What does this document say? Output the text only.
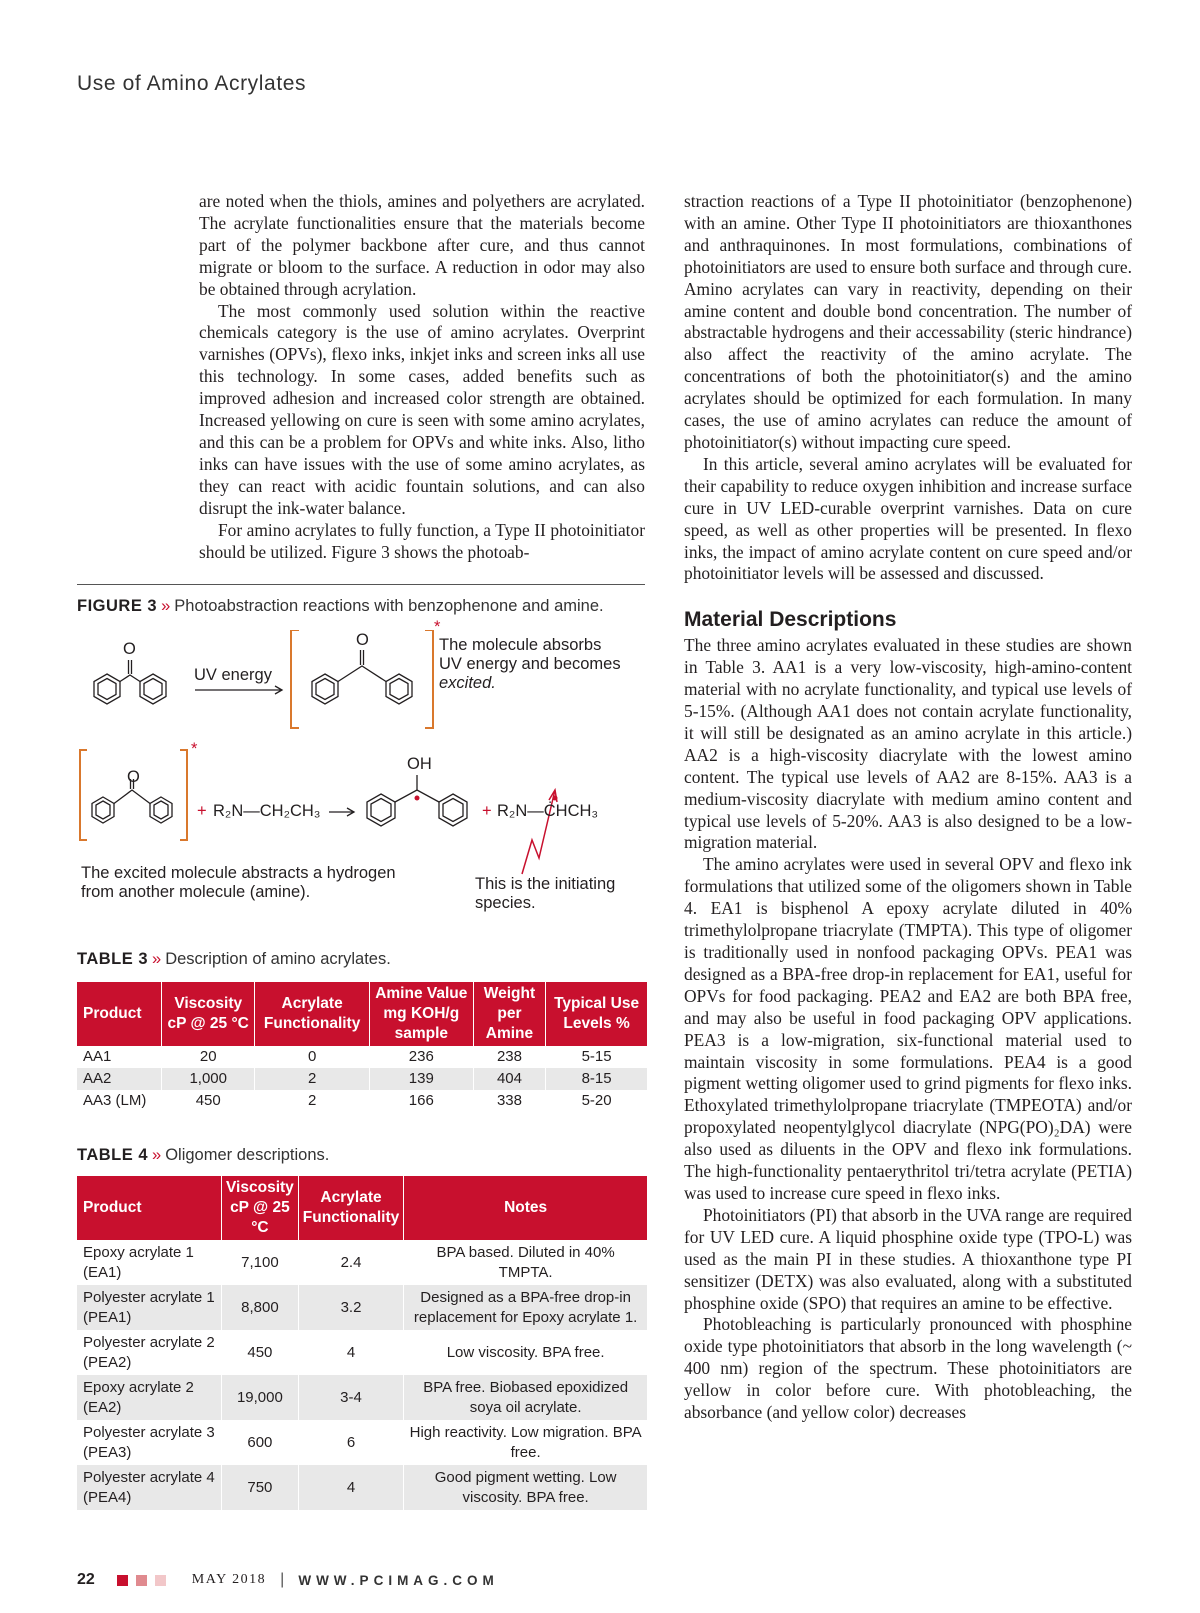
Use of Amino Acrylates

are noted when the thiols, amines and polyethers are acrylated. The acrylate functionalities ensure that the materials become part of the polymer backbone after cure, and thus cannot migrate or bloom to the surface. A reduction in odor may also be obtained through acrylation.

The most commonly used solution within the reactive chemicals category is the use of amino acrylates. Overprint varnishes (OPVs), flexo inks, inkjet inks and screen inks all use this technology. In some cases, added benefits such as improved adhesion and increased color strength are obtained. Increased yellowing on cure is seen with some amino acrylates, and this can be a problem for OPVs and white inks. Also, litho inks can have issues with the use of some amino acrylates, as they can react with acidic fountain solutions, and can also disrupt the ink-water balance.

For amino acrylates to fully function, a Type II photoinitiator should be utilized. Figure 3 shows the photoab-

FIGURE 3 » Photoabstraction reactions with benzophenone and amine.
O	O
O
UV energy
*
*
The molecule absorbs
UV energy and becomes
excited.
+ R₂N—CH₂CH₃
OH
+ R₂N—ĊHCH₃
The excited molecule abstracts a hydrogen
from another molecule (amine).	This is the initiating
species.
TABLE 3 » Description of amino acrylates.
Product	Viscosity cP @ 25 °C	Acrylate Functionality	Amine Value mg KOH/g sample	Weight per Amine	Typical Use Levels %
AA1	20	0	236	238	5-15
AA2	1,000	2	139	404	8-15
AA3 (LM)	450	2	166	338	5-20
TABLE 4 » Oligomer descriptions.
Product	Viscosity cP @ 25 °C	Acrylate Functionality	Notes
Epoxy acrylate 1 (EA1)	7,100	2.4	BPA based. Diluted in 40% TMPTA.
Polyester acrylate 1 (PEA1)	8,800	3.2	Designed as a BPA-free drop-in replacement for Epoxy acrylate 1.
Polyester acrylate 2 (PEA2)	450	4	Low viscosity. BPA free.
Epoxy acrylate 2 (EA2)	19,000	3-4	BPA free. Biobased epoxidized soya oil acrylate.
Polyester acrylate 3 (PEA3)	600	6	High reactivity. Low migration. BPA free.
Polyester acrylate 4 (PEA4)	750	4	Good pigment wetting. Low viscosity. BPA free.

straction reactions of a Type II photoinitiator (benzophenone) with an amine. Other Type II photoinitiators are thioxanthones and anthraquinones. In most formulations, combinations of photoinitiators are used to ensure both surface and through cure. Amino acrylates can vary in reactivity, depending on their amine content and double bond concentration. The number of abstractable hydrogens and their accessability (steric hindrance) also affect the reactivity of the amino acrylate. The concentrations of both the photoinitiator(s) and the amino acrylates should be optimized for each formulation. In many cases, the use of amino acrylates can reduce the amount of photoinitiator(s) without impacting cure speed.

In this article, several amino acrylates will be evaluated for their capability to reduce oxygen inhibition and increase surface cure in UV LED-curable overprint varnishes. Data on cure speed, as well as other properties will be presented. In flexo inks, the impact of amino acrylate content on cure speed and/or photoinitiator levels will be assessed and discussed.

Material Descriptions

The three amino acrylates evaluated in these studies are shown in Table 3. AA1 is a very low-viscosity, high-amino-content material with no acrylate functionality, and typical use levels of 5-15%. (Although AA1 does not contain acrylate functionality, it will still be designated as an amino acrylate in this article.) AA2 is a high-viscosity diacrylate with the lowest amino content. The typical use levels of AA2 are 8-15%. AA3 is a medium-viscosity diacrylate with medium amino content and typical use levels of 5-20%. AA3 is also designed to be a low-migration material.

The amino acrylates were used in several OPV and flexo ink formulations that utilized some of the oligomers shown in Table 4. EA1 is bisphenol A epoxy acrylate diluted in 40% trimethylolpropane triacrylate (TMPTA). This type of oligomer is traditionally used in nonfood packaging OPVs. PEA1 was designed as a BPA-free drop-in replacement for EA1, useful for OPVs for food packaging. PEA2 and EA2 are both BPA free, and may also be useful in food packaging OPV applications. PEA3 is a low-migration, six-functional material used to maintain viscosity in some formulations. PEA4 is a good pigment wetting oligomer used to grind pigments for flexo inks. Ethoxylated trimethylolpropane triacrylate (TMPEOTA) and/or propoxylated neopentylglycol diacrylate (NPG(PO)₂DA) were also used as diluents in the OPV and flexo ink formulations. The high-functionality pentaerythritol tri/tetra acrylate (PETIA) was used to increase cure speed in flexo inks.

Photoinitiators (PI) that absorb in the UVA range are required for UV LED cure. A liquid phosphine oxide type (TPO-L) was used as the main PI in these studies. A thioxanthone type PI sensitizer (DETX) was also evaluated, along with a substituted phosphine oxide (SPO) that requires an amine to be effective.

Photobleaching is particularly pronounced with phosphine oxide type photoinitiators that absorb in the long wavelength (~ 400 nm) region of the spectrum. These photoinitiators are yellow in color before cure. With photobleaching, the absorbance (and yellow color) decreases

22	MAY 2018 | WWW.PCIMAG.COM
